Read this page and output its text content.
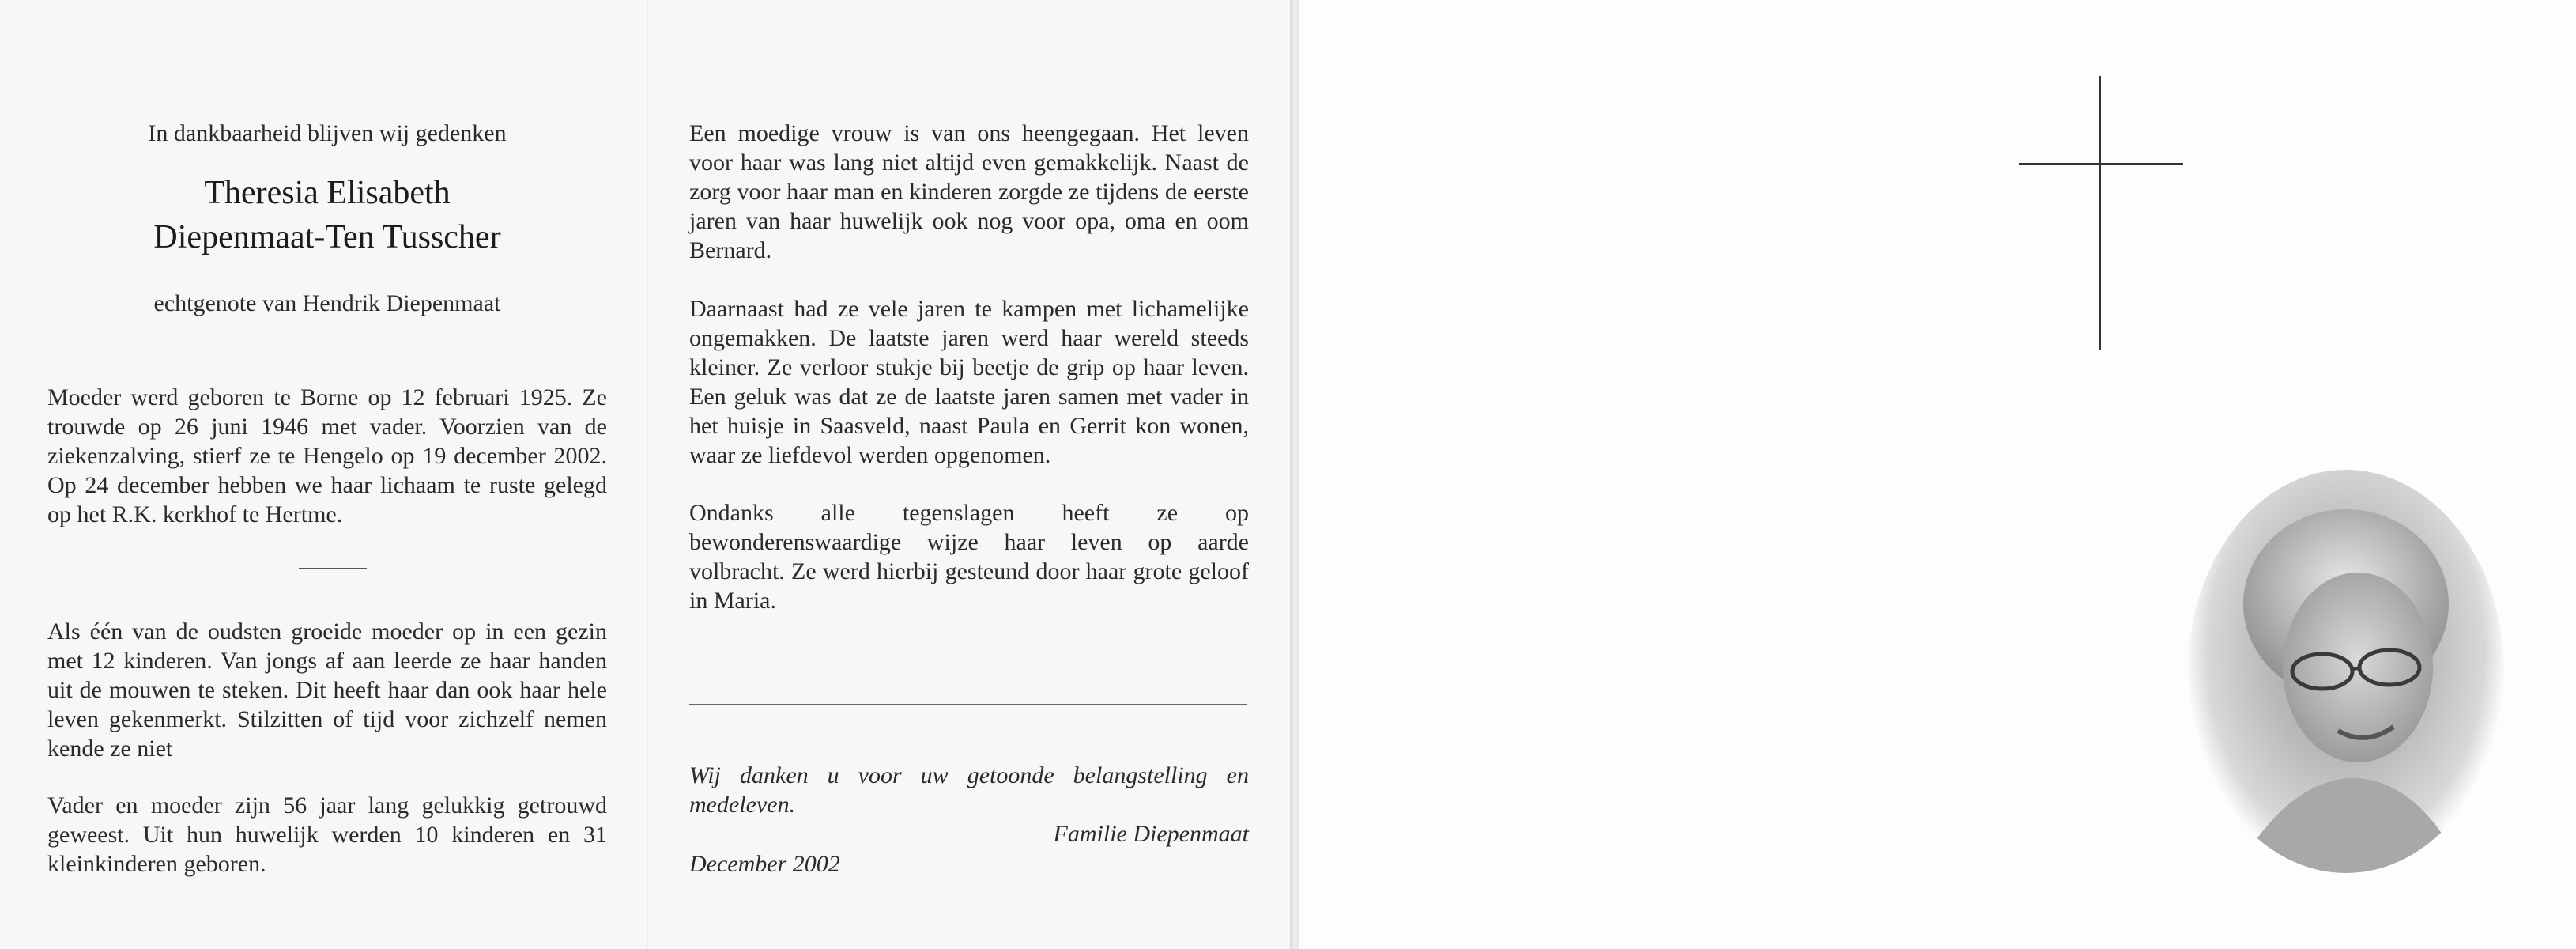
In dankbaarheid blijven wij gedenken
Theresia Elisabeth
Diepenmaat-Ten Tusscher
echtgenote van Hendrik Diepenmaat

Moeder werd geboren te Borne op 12 februari 1925. Ze trouwde op 26 juni 1946 met vader. Voorzien van de ziekenzalving, stierf ze te Hengelo op 19 december 2002. Op 24 december hebben we haar lichaam te ruste gelegd op het R.K. kerkhof te Hertme.

Als één van de oudsten groeide moeder op in een gezin met 12 kinderen. Van jongs af aan leerde ze haar handen uit de mouwen te steken. Dit heeft haar dan ook haar hele leven gekenmerkt. Stilzitten of tijd voor zichzelf nemen kende ze niet

Vader en moeder zijn 56 jaar lang gelukkig getrouwd geweest. Uit hun huwelijk werden 10 kinderen en 31 kleinkinderen geboren.

Een moedige vrouw is van ons heengegaan. Het leven voor haar was lang niet altijd even gemakkelijk. Naast de zorg voor haar man en kinderen zorgde ze tijdens de eerste jaren van haar huwelijk ook nog voor opa, oma en oom Bernard.

Daarnaast had ze vele jaren te kampen met lichamelijke ongemakken. De laatste jaren werd haar wereld steeds kleiner. Ze verloor stukje bij beetje de grip op haar leven. Een geluk was dat ze de laatste jaren samen met vader in het huisje in Saasveld, naast Paula en Gerrit kon wonen, waar ze liefdevol werden opgenomen.

Ondanks alle tegenslagen heeft ze op bewonderenswaardige wijze haar leven op aarde volbracht. Ze werd hierbij gesteund door haar grote geloof in Maria.

Wij danken u voor uw getoonde belangstelling en medeleven.

Familie Diepenmaat
December 2002
